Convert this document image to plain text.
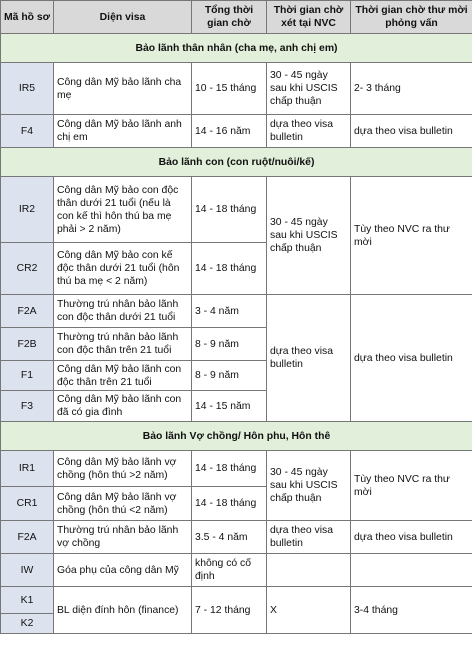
Mã hồ sơ	Diện visa	Tổng thời gian chờ	Thời gian chờ xét tại NVC	Thời gian chờ thư mời phỏng vấn
Bảo lãnh thân nhân (cha mẹ, anh chị em)				
IR5	Công dân Mỹ bảo lãnh cha mẹ	10 - 15 tháng	30 - 45 ngày sau khi USCIS chấp thuận	2- 3 tháng
F4	Công dân Mỹ bảo lãnh anh chị em	14 - 16 năm	dựa theo visa bulletin	dựa theo visa bulletin
Bảo lãnh con (con ruột/nuôi/kế)				
IR2	Công dân Mỹ bảo con độc thân dưới 21 tuổi (nếu là con kế thì hôn thú ba mẹ phải > 2 năm)	14 - 18 tháng	30 - 45 ngày sau khi USCIS chấp thuận	Tùy theo NVC ra thư mời
CR2	Công dân Mỹ bảo con kế độc thân dưới 21 tuổi (hôn thú ba mẹ < 2 năm)	14 - 18 tháng		
F2A	Thường trú nhân bảo lãnh con độc thân dưới 21 tuổi	3 - 4 năm	dựa theo visa bulletin	dựa theo visa bulletin
F2B	Thường trú nhân bảo lãnh con độc thân trên 21 tuổi	8 - 9 năm		
F1	Công dân Mỹ bảo lãnh con độc thân trên 21 tuổi	8 - 9 năm		
F3	Công dân Mỹ bảo lãnh con đã có gia đình	14 - 15 năm		
Bảo lãnh Vợ chồng/ Hôn phu, Hôn thê				
IR1	Công dân Mỹ bảo lãnh vợ chồng (hôn thú >2 năm)	14 - 18 tháng	30 - 45 ngày sau khi USCIS chấp thuận	Tùy theo NVC ra thư mời
CR1	Công dân Mỹ bảo lãnh vợ chồng (hôn thú <2 năm)	14 - 18 tháng		
F2A	Thường trú nhân bảo lãnh vợ chồng	3.5 - 4 năm	dựa theo visa bulletin	dựa theo visa bulletin
IW	Góa phụ của công dân Mỹ	không có cố định		
K1	BL diện đính hôn (finance)	7 - 12 tháng	X	3-4 tháng
K2				
